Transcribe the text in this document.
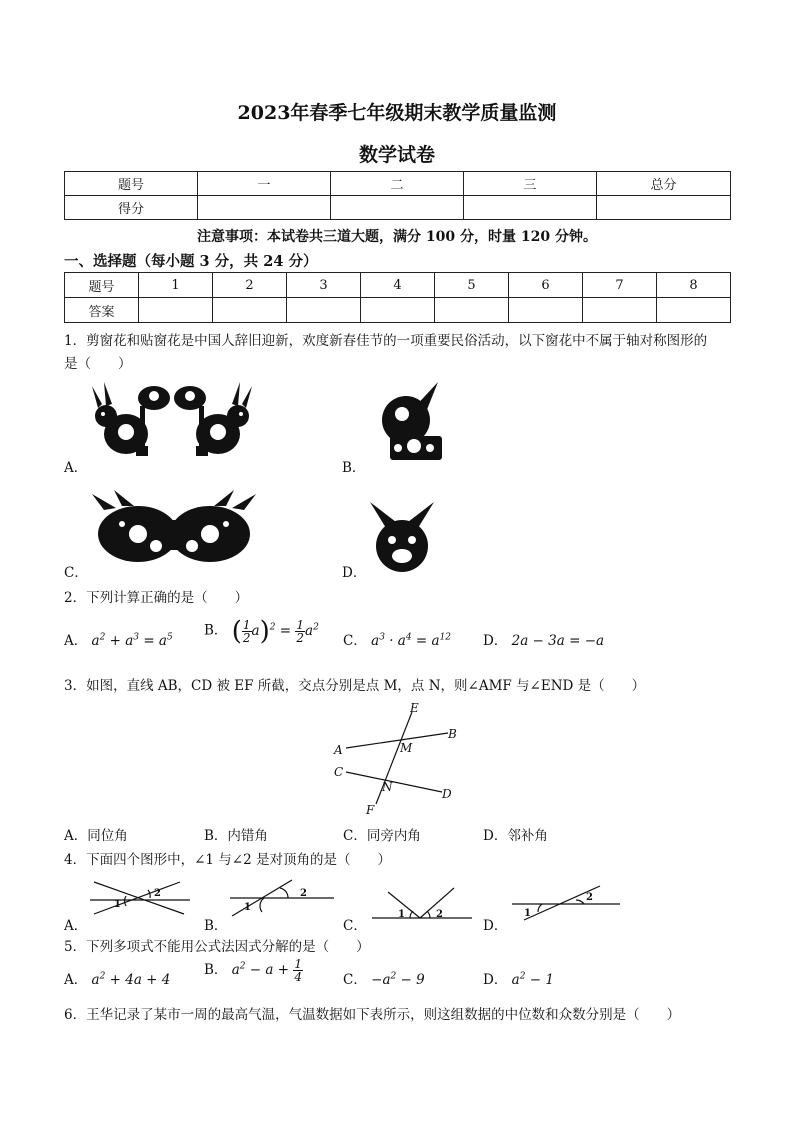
2023年春季七年级期末教学质量监测
数学试卷
题号	一	二	三	总分
得分				
注意事项：本试卷共三道大题，满分 100 分，时量 120 分钟。
一、选择题（每小题 3 分，共 24 分）
题号	1	2	3	4	5	6	7	8
答案								
1．剪窗花和贴窗花是中国人辞旧迎新，欢度新春佳节的一项重要民俗活动，以下窗花中不属于轴对称图形的
是（　　）
A．	B．
C．	D．
2．下列计算正确的是（　　）
A． $a^2 + a^3 = a^5$ B． ( $\frac{1}{2} a)^2 = \frac{1}{2} a^2$
C． $a^3 \cdot a^4 = a^{12}$ D． 2a − 3a = −a
3．如图，直线 AB，CD 被 EF 所截，交点分别是点 M，点 N，则∠AMF 与∠END 是（　　）
E
M
B
A
C
N	D
F
A．同位角	B．内错角	C．同旁内角	D．邻补角
4．下面四个图形中，∠1 与∠2 是对顶角的是（　　）
1
2
A．
1
2
B．
1	2
C．
1
2
D．
5．下列多项式不能用公式法因式分解的是（　　）
A． $a^2 + 4a + 4$
B． $a^2 - a + \frac{1}{4}$	C． $-a^2 - 9$	D． $a^2 - 1$
6．王华记录了某市一周的最高气温，气温数据如下表所示，则这组数据的中位数和众数分别是（　　）
